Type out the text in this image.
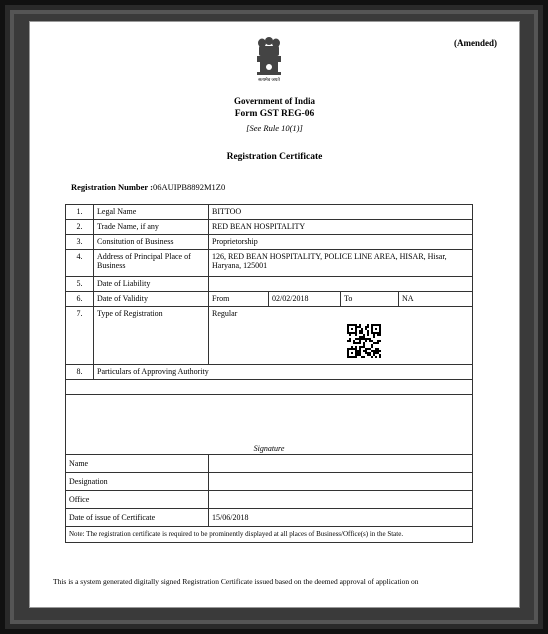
(Amended)
सत्यमेव जयते
Government of India
Form GST REG-06
[See Rule 10(1)]
Registration Certificate
Registration Number :06AUIPB8892M1Z0
1.	Legal Name	BITTOO			
2.	Trade Name, if any	RED BEAN HOSPITALITY			
3.	Consitution of Business	Proprietorship			
4.	Address of Principal Place of Business	126, RED BEAN HOSPITALITY, POLICE LINE AREA, HISAR, Hisar, Haryana, 125001			
5.	Date of Liability				
6.	Date of Validity	From	02/02/2018	To	NA
7.	Type of Registration	Regular			
8.	Particulars of Approving Authority				

Signature					
Name					
Designation					
Office					
Date of issue of Certificate		15/06/2018			
Note: The registration certificate is required to be prominently displayed at all places of Business/Office(s) in the State.					
This is a system generated digitally signed Registration Certificate issued based on the deemed approval of application on
